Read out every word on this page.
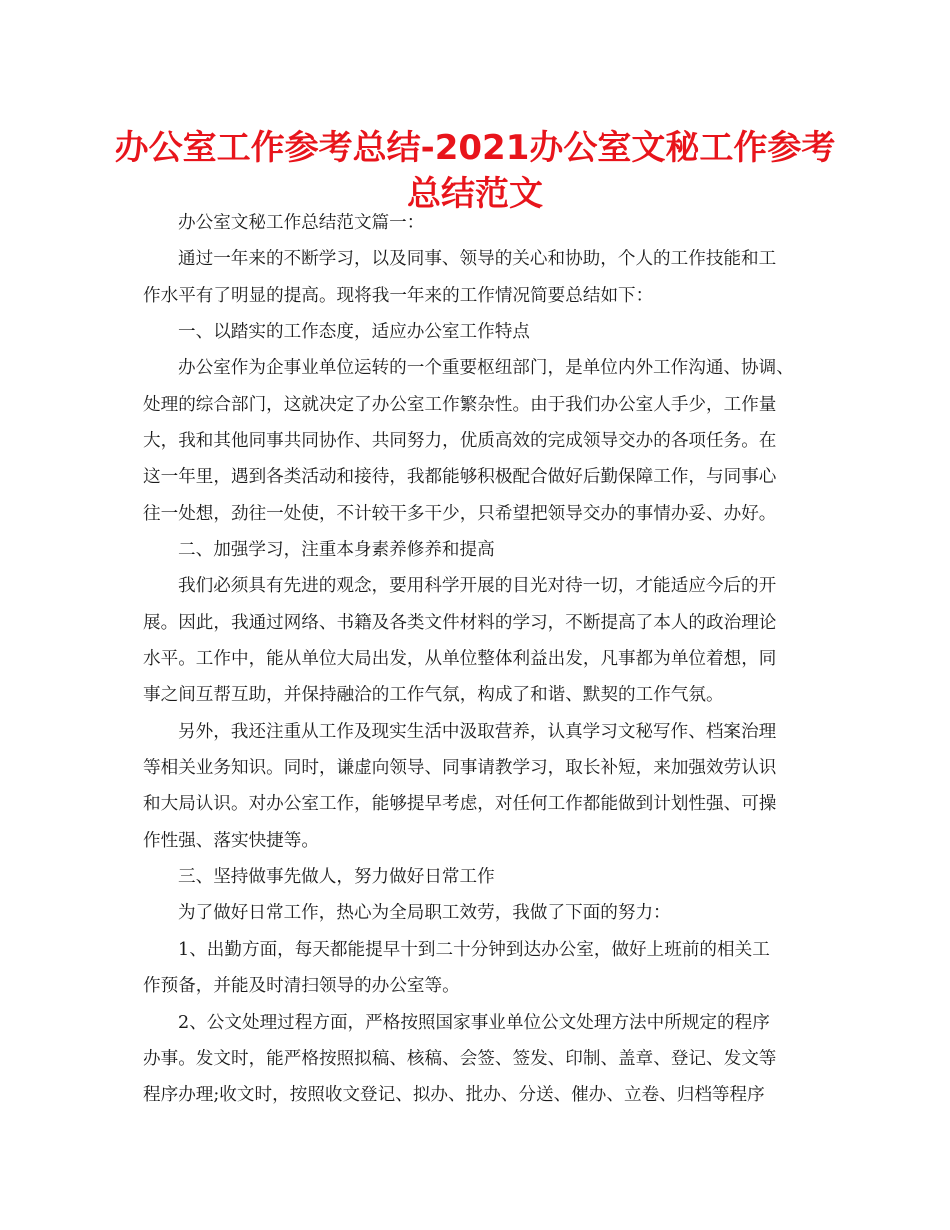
办公室工作参考总结-2021办公室文秘工作参考
总结范文
办公室文秘工作总结范文篇一：
通过一年来的不断学习，以及同事、领导的关心和协助，个人的工作技能和工
作水平有了明显的提高。现将我一年来的工作情况简要总结如下：
一、以踏实的工作态度，适应办公室工作特点
办公室作为企事业单位运转的一个重要枢纽部门，是单位内外工作沟通、协调、
处理的综合部门，这就决定了办公室工作繁杂性。由于我们办公室人手少，工作量
大，我和其他同事共同协作、共同努力，优质高效的完成领导交办的各项任务。在
这一年里，遇到各类活动和接待，我都能够积极配合做好后勤保障工作，与同事心
往一处想，劲往一处使，不计较干多干少，只希望把领导交办的事情办妥、办好。
二、加强学习，注重本身素养修养和提高
我们必须具有先进的观念，要用科学开展的目光对待一切，才能适应今后的开
展。因此，我通过网络、书籍及各类文件材料的学习，不断提高了本人的政治理论
水平。工作中，能从单位大局出发，从单位整体利益出发，凡事都为单位着想，同
事之间互帮互助，并保持融洽的工作气氛，构成了和谐、默契的工作气氛。
另外，我还注重从工作及现实生活中汲取营养，认真学习文秘写作、档案治理
等相关业务知识。同时，谦虚向领导、同事请教学习，取长补短，来加强效劳认识
和大局认识。对办公室工作，能够提早考虑，对任何工作都能做到计划性强、可操
作性强、落实快捷等。
三、坚持做事先做人，努力做好日常工作
为了做好日常工作，热心为全局职工效劳，我做了下面的努力：
1、出勤方面，每天都能提早十到二十分钟到达办公室，做好上班前的相关工
作预备，并能及时清扫领导的办公室等。
2、公文处理过程方面，严格按照国家事业单位公文处理方法中所规定的程序
办事。发文时，能严格按照拟稿、核稿、会签、签发、印制、盖章、登记、发文等
程序办理;收文时，按照收文登记、拟办、批办、分送、催办、立卷、归档等程序
